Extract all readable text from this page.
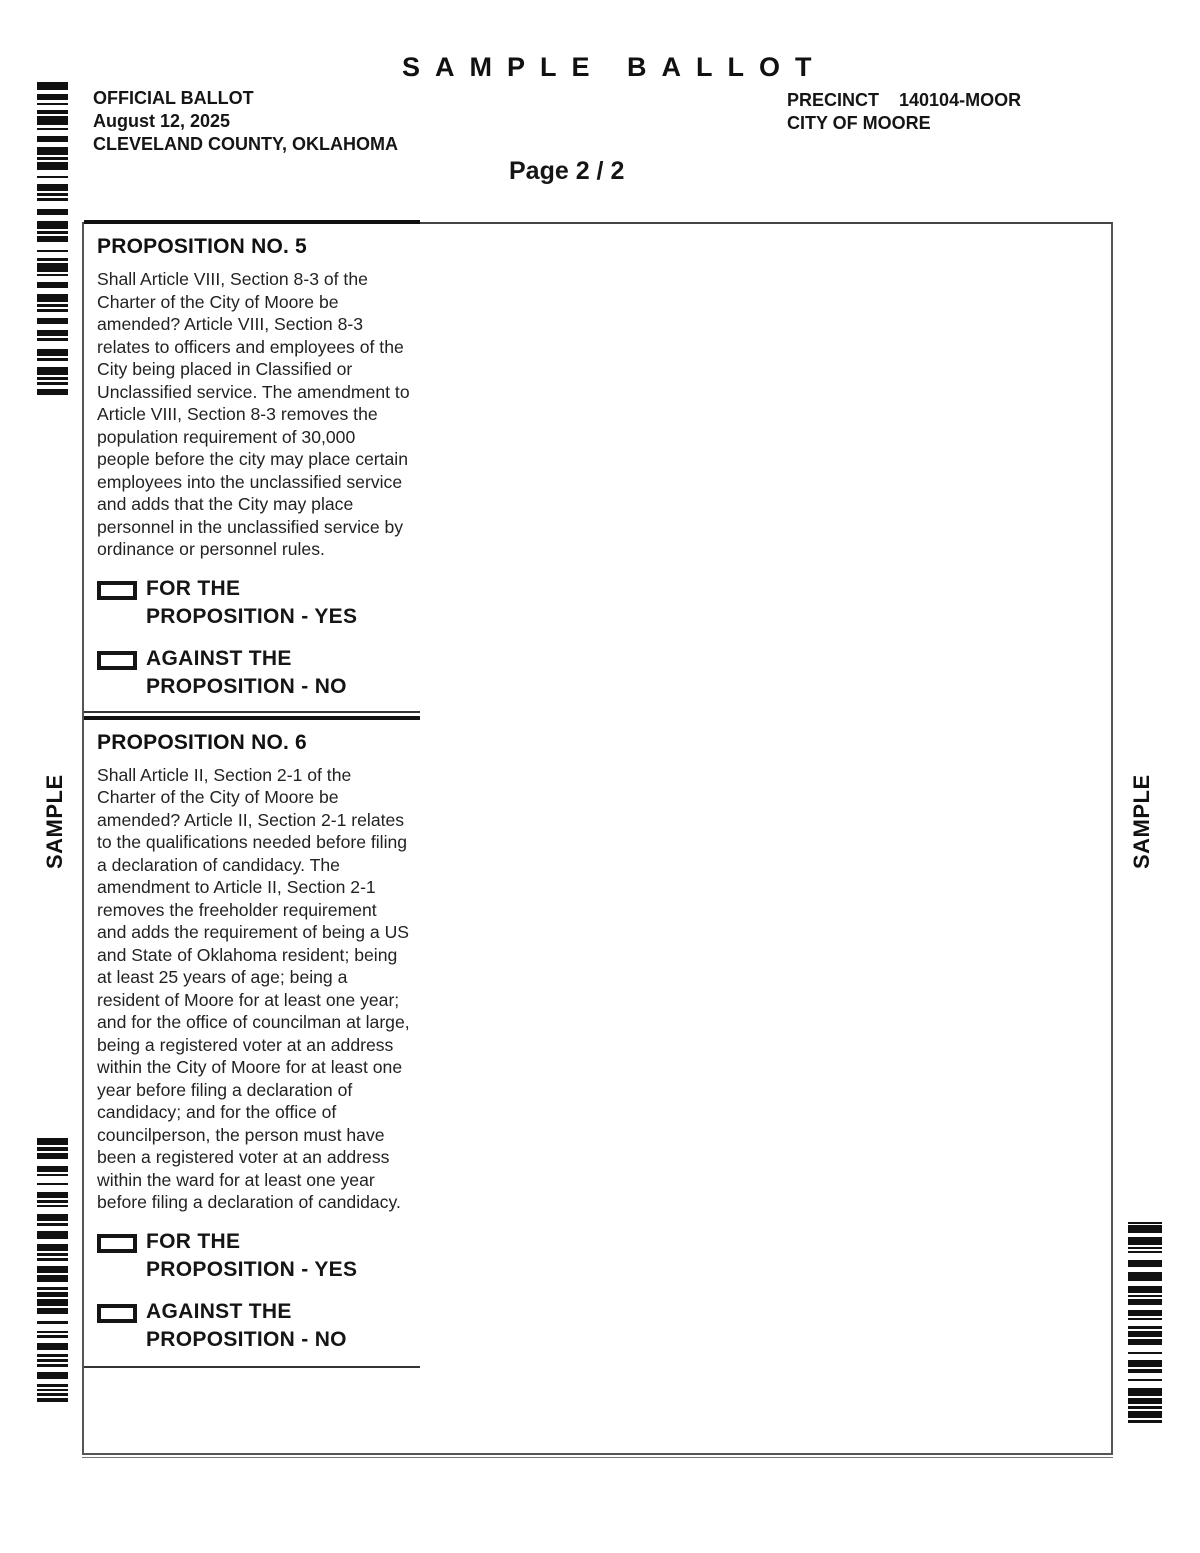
SAMPLE BALLOT
OFFICIAL BALLOT
August 12, 2025
CLEVELAND COUNTY, OKLAHOMA
PRECINCT 140104-MOOR
CITY OF MOORE
Page 2 / 2
SAMPLE	SAMPLE
PROPOSITION NO. 5
Shall Article VIII, Section 8-3 of the Charter of the City of Moore be amended? Article VIII, Section 8-3 relates to officers and employees of the City being placed in Classified or Unclassified service. The amendment to Article VIII, Section 8-3 removes the population requirement of 30,000 people before the city may place certain employees into the unclassified service and adds that the City may place personnel in the unclassified service by ordinance or personnel rules.
FOR THE
PROPOSITION - YES
AGAINST THE
PROPOSITION - NO
PROPOSITION NO. 6
Shall Article II, Section 2-1 of the Charter of the City of Moore be amended? Article II, Section 2-1 relates to the qualifications needed before filing a declaration of candidacy. The amendment to Article II, Section 2-1 removes the freeholder requirement and adds the requirement of being a US and State of Oklahoma resident; being at least 25 years of age; being a resident of Moore for at least one year; and for the office of councilman at large, being a registered voter at an address within the City of Moore for at least one year before filing a declaration of candidacy; and for the office of councilperson, the person must have been a registered voter at an address within the ward for at least one year before filing a declaration of candidacy.
FOR THE
PROPOSITION - YES
AGAINST THE
PROPOSITION - NO
